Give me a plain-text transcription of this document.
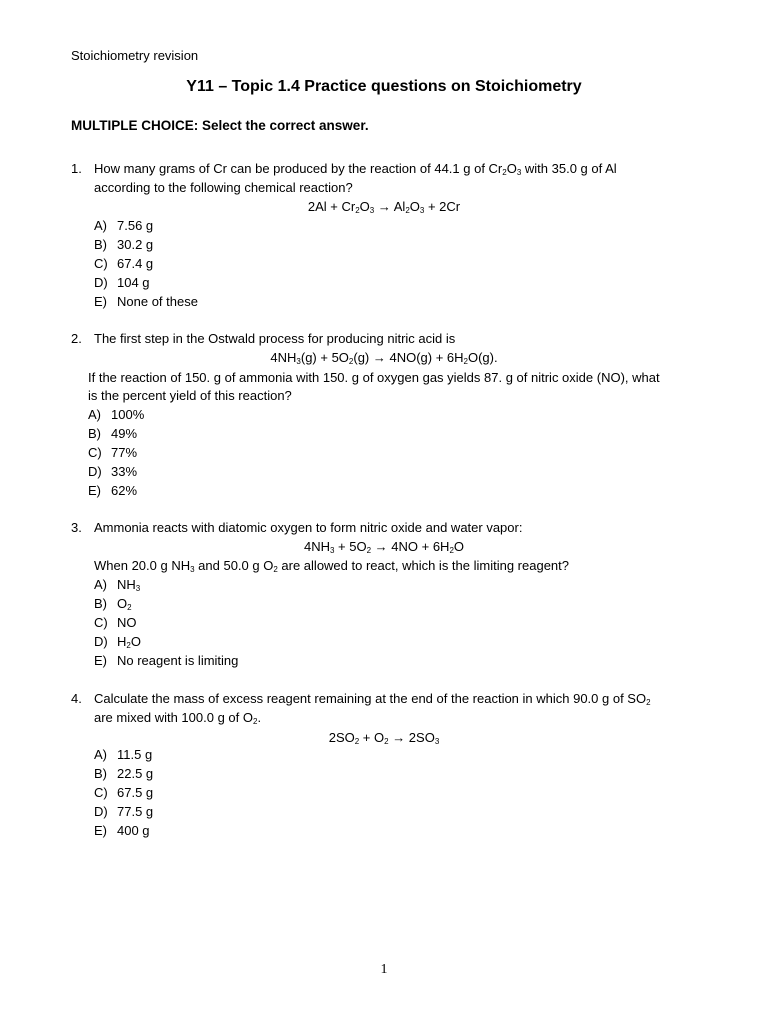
Stoichiometry revision
Y11 – Topic 1.4 Practice questions on Stoichiometry
MULTIPLE CHOICE: Select the correct answer.
1. How many grams of Cr can be produced by the reaction of 44.1 g of $Cr_2O_3$ with 35.0 g of Al
according to the following chemical reaction?
$2Al + Cr_2O_3 \to Al_2O_3 + 2Cr$
A) 7.56 g
B) 30.2 g
C) 67.4 g
D) 104 g
E) None of these
2. The first step in the Ostwald process for producing nitric acid is
$4NH_3(g) + 5O_2(g) \to 4NO(g) + 6H_2O(g)$.
If the reaction of 150. g of ammonia with 150. g of oxygen gas yields 87. g of nitric oxide (NO), what
is the percent yield of this reaction?
A) 100%
B) 49%
C) 77%
D) 33%
E) 62%
3. Ammonia reacts with diatomic oxygen to form nitric oxide and water vapor:
$4NH_3 + 5O_2 \to 4NO + 6H_2O$
When 20.0 g $NH_3$ and 50.0 g $O_2$ are allowed to react, which is the limiting reagent?
A) $NH_3$
B) $O_2$
C) NO
D) $H_2O$
E) No reagent is limiting
4. Calculate the mass of excess reagent remaining at the end of the reaction in which 90.0 g of $SO_2$
are mixed with 100.0 g of $O_2$.
$2SO_2 + O_2 \to 2SO_3$
A) 11.5 g
B) 22.5 g
C) 67.5 g
D) 77.5 g
E) 400 g
1
